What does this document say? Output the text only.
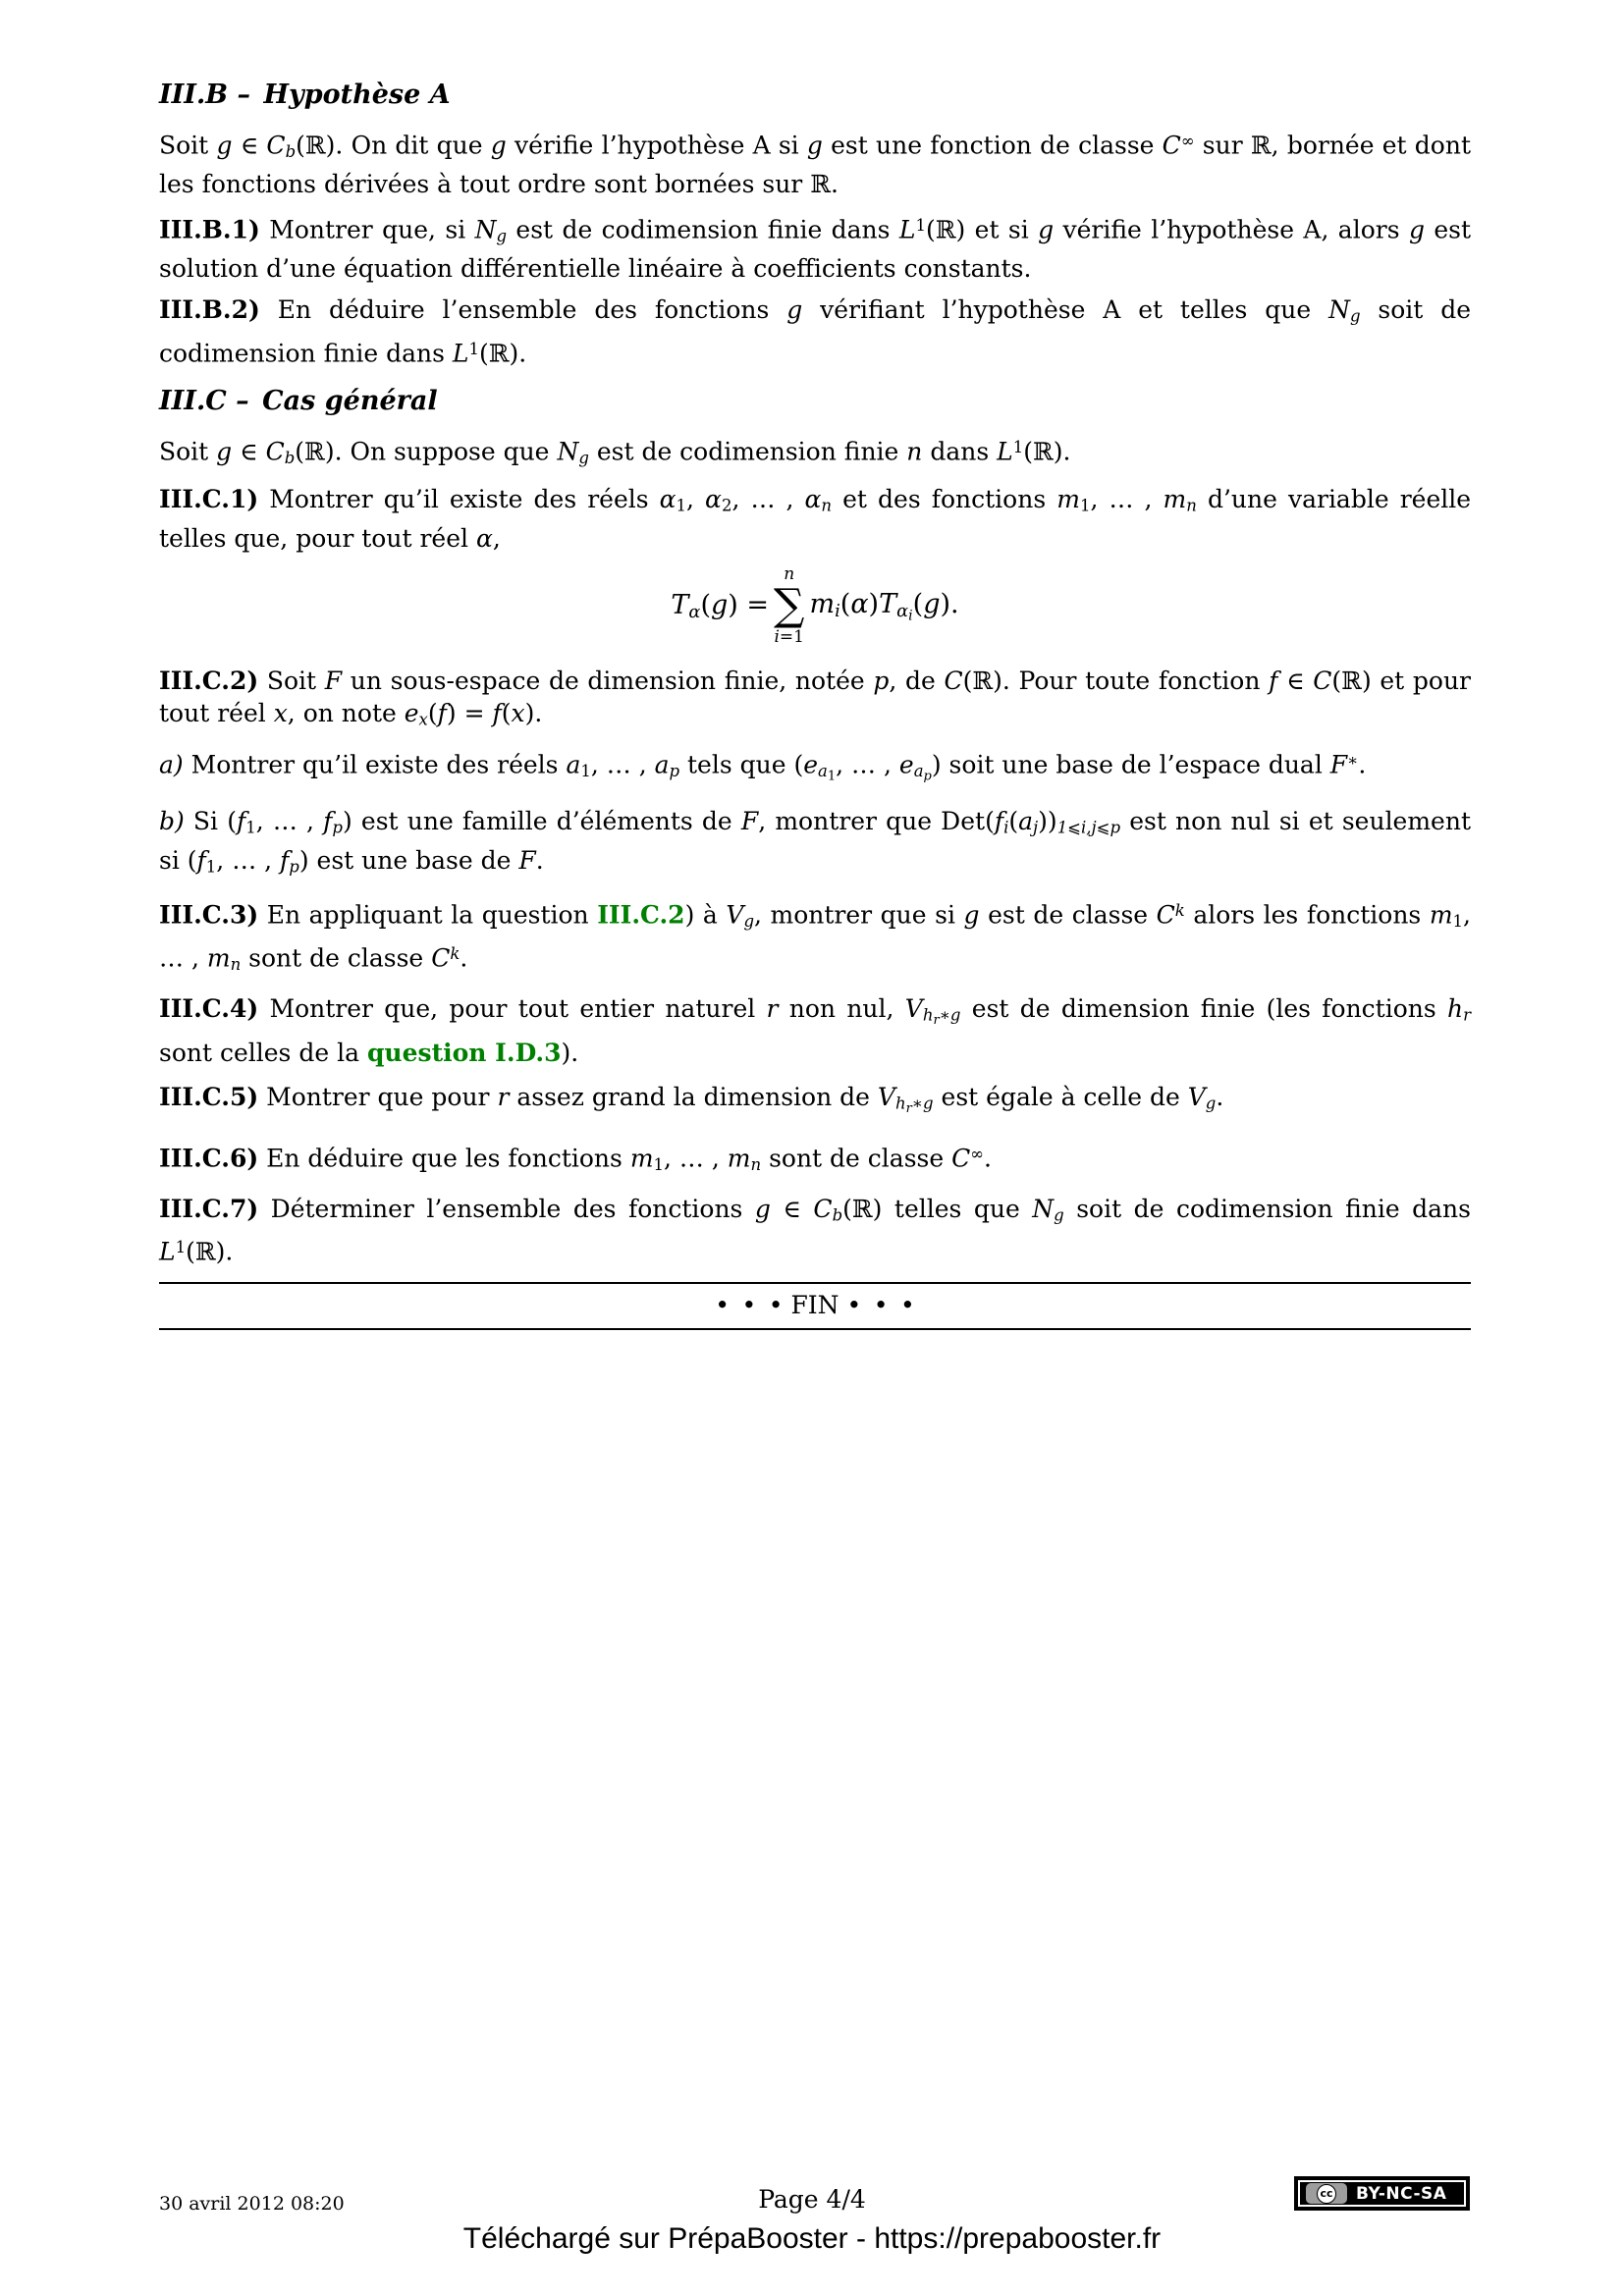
III.B – Hypothèse A

Soit g ∈ Cb(ℝ). On dit que g vérifie l’hypothèse A si g est une fonction de classe C∞ sur ℝ, bornée et dont les fonctions dérivées à tout ordre sont bornées sur ℝ.

III.B.1) Montrer que, si Ng est de codimension finie dans $L^1(ℝ)$ et si g vérifie l’hypothèse A, alors g est solution d’une équation différentielle linéaire à coefficients constants.

III.B.2) En déduire l’ensemble des fonctions g vérifiant l’hypothèse A et telles que Ng soit de codimension finie dans $L^1(ℝ)$.

III.C – Cas général

Soit g ∈ Cb(ℝ). On suppose que Ng est de codimension finie n dans $L^1(ℝ)$.

III.C.1) Montrer qu’il existe des réels α1, α2, … , αn et des fonctions m1, … , mn d’une variable réelle telles que, pour tout réel α,

Tα(g) =
n
∑
i=1
$mi(\alpha)T\alpha_i(g)$.

III.C.2) Soit F un sous-espace de dimension finie, notée p, de C(ℝ). Pour toute fonction f ∈ C(ℝ) et pour tout réel x, on note ex(f) = f(x).

a) Montrer qu’il existe des réels a1, … , ap tels que ($ea_1$, … , $ea_p$) soit une base de l’espace dual F∗.

b) Si (f1, … , fp) est une famille d’éléments de F, montrer que Det(fi(aj))1⩽i,j⩽p est non nul si et seulement si (f1, … , fp) est une base de F.

III.C.3) En appliquant la question III.C.2) à Vg, montrer que si g est de classe $C^k$ alors les fonctions m1, … , mn sont de classe $C^k$.

III.C.4) Montrer que, pour tout entier naturel r non nul, $Vh_r∗g$ est de dimension finie (les fonctions hr sont celles de la question I.D.3).

III.C.5) Montrer que pour r assez grand la dimension de $Vh_r∗g$ est égale à celle de Vg.

III.C.6) En déduire que les fonctions m1, … , mn sont de classe C∞.

III.C.7) Déterminer l’ensemble des fonctions g ∈ Cb(ℝ) telles que Ng soit de codimension finie dans $L^1(ℝ)$.

• • • FIN • • •
30 avril 2012 08:20	Page 4/4	cc BY-NC-SA
Téléchargé sur PrépaBooster - https://prepabooster.fr
